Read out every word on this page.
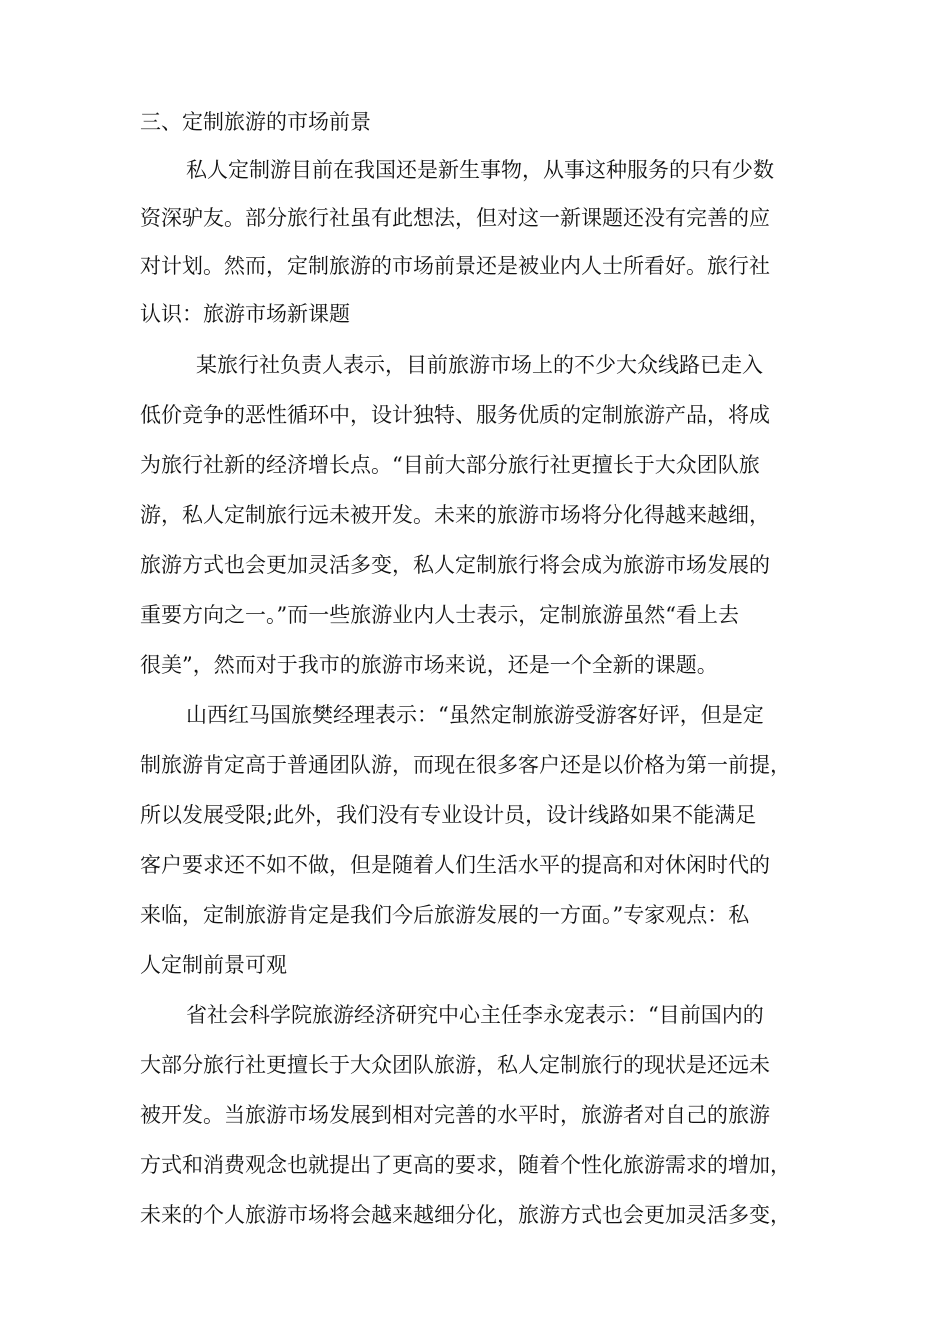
三、定制旅游的市场前景

私人定制游目前在我国还是新生事物，从事这种服务的只有少数

资深驴友。部分旅行社虽有此想法，但对这一新课题还没有完善的应

对计划。然而，定制旅游的市场前景还是被业内人士所看好。旅行社

认识：旅游市场新课题

某旅行社负责人表示，目前旅游市场上的不少大众线路已走入

低价竞争的恶性循环中，设计独特、服务优质的定制旅游产品，将成

为旅行社新的经济增长点。“目前大部分旅行社更擅长于大众团队旅

游，私人定制旅行远未被开发。未来的旅游市场将分化得越来越细，

旅游方式也会更加灵活多变，私人定制旅行将会成为旅游市场发展的

重要方向之一。”而一些旅游业内人士表示，定制旅游虽然“看上去

很美”，然而对于我市的旅游市场来说，还是一个全新的课题。

山西红马国旅樊经理表示：“虽然定制旅游受游客好评，但是定

制旅游肯定高于普通团队游，而现在很多客户还是以价格为第一前提，

所以发展受限;此外，我们没有专业设计员，设计线路如果不能满足

客户要求还不如不做，但是随着人们生活水平的提高和对休闲时代的

来临，定制旅游肯定是我们今后旅游发展的一方面。”专家观点：私

人定制前景可观

省社会科学院旅游经济研究中心主任李永宠表示：“目前国内的

大部分旅行社更擅长于大众团队旅游，私人定制旅行的现状是还远未

被开发。当旅游市场发展到相对完善的水平时，旅游者对自己的旅游

方式和消费观念也就提出了更高的要求，随着个性化旅游需求的增加，

未来的个人旅游市场将会越来越细分化，旅游方式也会更加灵活多变，
